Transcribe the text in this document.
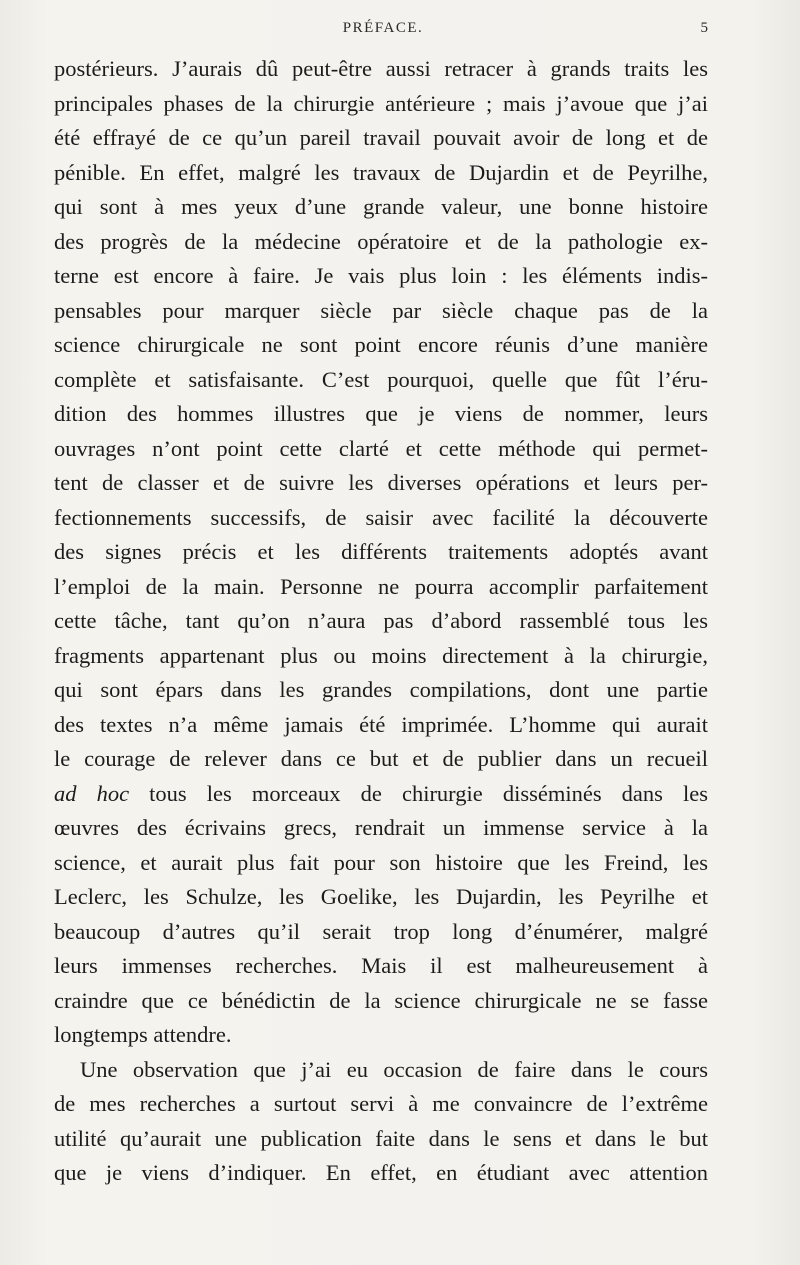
PRÉFACE.	5
postérieurs. J’aurais dû peut-être aussi retracer à grands traits les
principales phases de la chirurgie antérieure ; mais j’avoue que j’ai
été effrayé de ce qu’un pareil travail pouvait avoir de long et de
pénible. En effet, malgré les travaux de Dujardin et de Peyrilhe,
qui sont à mes yeux d’une grande valeur, une bonne histoire
des progrès de la médecine opératoire et de la pathologie ex-
terne est encore à faire. Je vais plus loin : les éléments indis-
pensables pour marquer siècle par siècle chaque pas de la
science chirurgicale ne sont point encore réunis d’une manière
complète et satisfaisante. C’est pourquoi, quelle que fût l’éru-
dition des hommes illustres que je viens de nommer, leurs
ouvrages n’ont point cette clarté et cette méthode qui permet-
tent de classer et de suivre les diverses opérations et leurs per-
fectionnements successifs, de saisir avec facilité la découverte
des signes précis et les différents traitements adoptés avant
l’emploi de la main. Personne ne pourra accomplir parfaitement
cette tâche, tant qu’on n’aura pas d’abord rassemblé tous les
fragments appartenant plus ou moins directement à la chirurgie,
qui sont épars dans les grandes compilations, dont une partie
des textes n’a même jamais été imprimée. L’homme qui aurait
le courage de relever dans ce but et de publier dans un recueil
ad hoc tous les morceaux de chirurgie disséminés dans les
œuvres des écrivains grecs, rendrait un immense service à la
science, et aurait plus fait pour son histoire que les Freind, les
Leclerc, les Schulze, les Goelike, les Dujardin, les Peyrilhe et
beaucoup d’autres qu’il serait trop long d’énumérer, malgré
leurs immenses recherches. Mais il est malheureusement à
craindre que ce bénédictin de la science chirurgicale ne se fasse
longtemps attendre.
Une observation que j’ai eu occasion de faire dans le cours
de mes recherches a surtout servi à me convaincre de l’extrême
utilité qu’aurait une publication faite dans le sens et dans le but
que je viens d’indiquer. En effet, en étudiant avec attention
